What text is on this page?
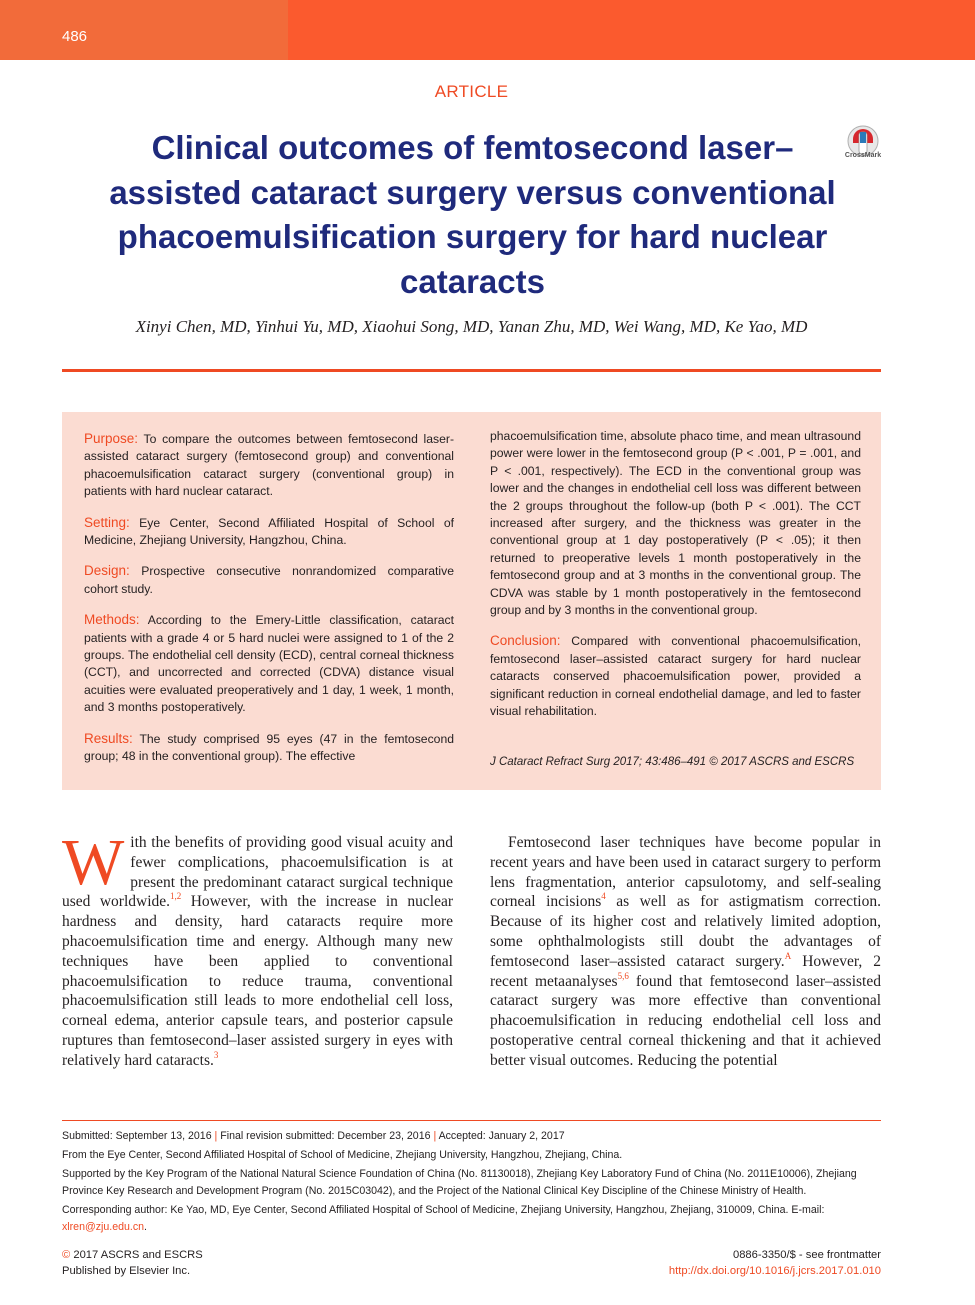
486
ARTICLE
Clinical outcomes of femtosecond laser–assisted cataract surgery versus conventional phacoemulsification surgery for hard nuclear cataracts
CrossMark
Xinyi Chen, MD, Yinhui Yu, MD, Xiaohui Song, MD, Yanan Zhu, MD, Wei Wang, MD, Ke Yao, MD

Purpose: To compare the outcomes between femtosecond laser-assisted cataract surgery (femtosecond group) and conventional phacoemulsification cataract surgery (conventional group) in patients with hard nuclear cataract.

Setting: Eye Center, Second Affiliated Hospital of School of Medicine, Zhejiang University, Hangzhou, China.

Design: Prospective consecutive nonrandomized comparative cohort study.

Methods: According to the Emery-Little classification, cataract patients with a grade 4 or 5 hard nuclei were assigned to 1 of the 2 groups. The endothelial cell density (ECD), central corneal thickness (CCT), and uncorrected and corrected (CDVA) distance visual acuities were evaluated preoperatively and 1 day, 1 week, 1 month, and 3 months postoperatively.

Results: The study comprised 95 eyes (47 in the femtosecond group; 48 in the conventional group). The effective

phacoemulsification time, absolute phaco time, and mean ultrasound power were lower in the femtosecond group (P < .001, P = .001, and P < .001, respectively). The ECD in the conventional group was lower and the changes in endothelial cell loss was different between the 2 groups throughout the follow-up (both P < .001). The CCT increased after surgery, and the thickness was greater in the conventional group at 1 day postoperatively (P < .05); it then returned to preoperative levels 1 month postoperatively in the femtosecond group and at 3 months in the conventional group. The CDVA was stable by 1 month postoperatively in the femtosecond group and by 3 months in the conventional group.

Conclusion: Compared with conventional phacoemulsification, femtosecond laser–assisted cataract surgery for hard nuclear cataracts conserved phacoemulsification power, provided a significant reduction in corneal endothelial damage, and led to faster visual rehabilitation.

J Cataract Refract Surg 2017; 43:486–491 © 2017 ASCRS and ESCRS
With the benefits of providing good visual acuity and fewer complications, phacoemulsification is at present the predominant cataract surgical technique used worldwide.$^{1,2}$ However, with the increase in nuclear hardness and density, hard cataracts require more phacoemulsification time and energy. Although many new techniques have been applied to conventional phacoemulsification to reduce trauma, conventional phacoemulsification still leads to more endothelial cell loss, corneal edema, anterior capsule tears, and posterior capsule ruptures than femtosecond–laser assisted surgery in eyes with relatively hard cataracts.$^3$
Femtosecond laser techniques have become popular in recent years and have been used in cataract surgery to perform lens fragmentation, anterior capsulotomy, and self-sealing corneal incisions$^4$ as well as for astigmatism correction. Because of its higher cost and relatively limited adoption, some ophthalmologists still doubt the advantages of femtosecond laser–assisted cataract surgery.$^A$ However, 2 recent metaanalyses$^{5,6}$ found that femtosecond laser–assisted cataract surgery was more effective than conventional phacoemulsification in reducing endothelial cell loss and postoperative central corneal thickening and that it achieved better visual outcomes. Reducing the potential
Submitted: September 13, 2016 | Final revision submitted: December 23, 2016 | Accepted: January 2, 2017
From the Eye Center, Second Affiliated Hospital of School of Medicine, Zhejiang University, Hangzhou, Zhejiang, China.
Supported by the Key Program of the National Natural Science Foundation of China (No. 81130018), Zhejiang Key Laboratory Fund of China (No. 2011E10006), Zhejiang Province Key Research and Development Program (No. 2015C03042), and the Project of the National Clinical Key Discipline of the Chinese Ministry of Health.
Corresponding author: Ke Yao, MD, Eye Center, Second Affiliated Hospital of School of Medicine, Zhejiang University, Hangzhou, Zhejiang, 310009, China. E-mail: xlren@zju.edu.cn.
© 2017 ASCRS and ESCRS
Published by Elsevier Inc.
0886-3350/$ - see frontmatter
http://dx.doi.org/10.1016/j.jcrs.2017.01.010
